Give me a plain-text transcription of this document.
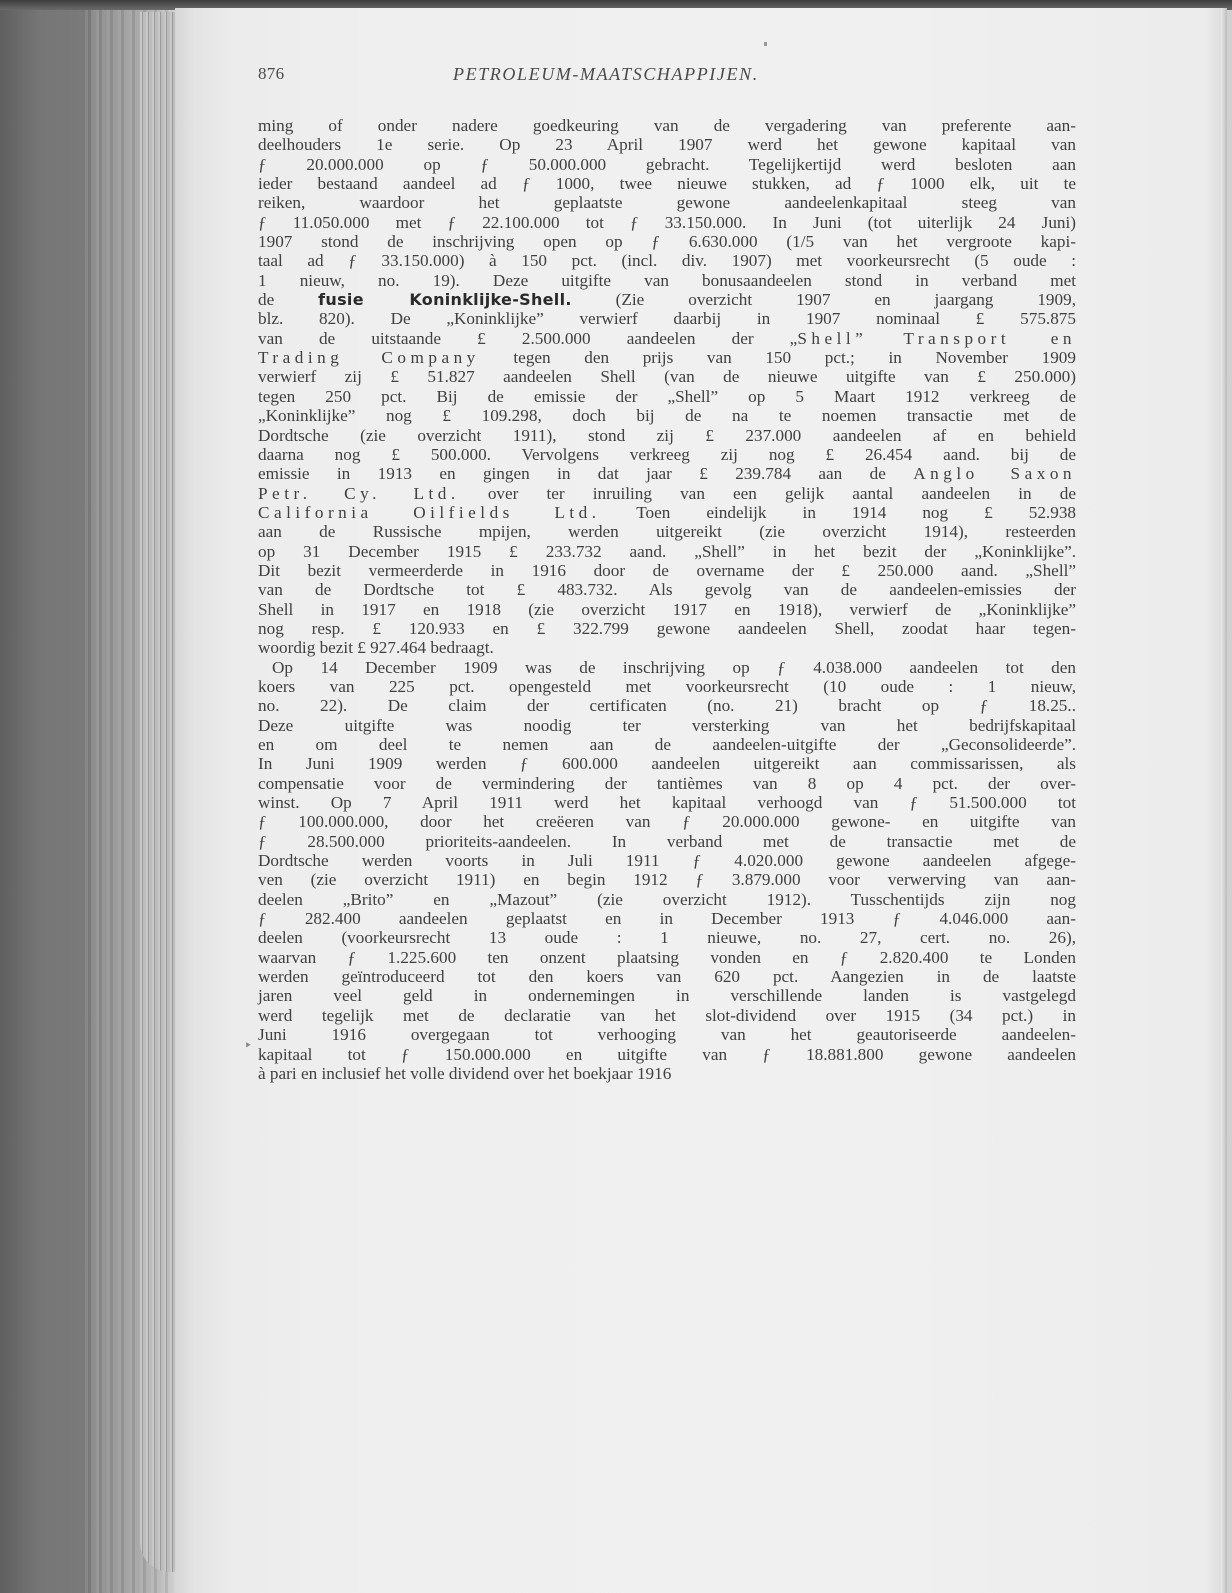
876	PETROLEUM-MAATSCHAPPIJEN.
‣
ming of onder nadere goedkeuring van de vergadering van preferente aan-
deelhouders 1e serie. Op 23 April 1907 werd het gewone kapitaal van
ƒ 20.000.000 op ƒ 50.000.000 gebracht. Tegelijkertijd werd besloten aan
ieder bestaand aandeel ad ƒ 1000, twee nieuwe stukken, ad ƒ 1000 elk, uit te
reiken, waardoor het geplaatste gewone aandeelenkapitaal steeg van
ƒ 11.050.000 met ƒ 22.100.000 tot ƒ 33.150.000. In Juni (tot uiterlijk 24 Juni)
1907 stond de inschrijving open op ƒ 6.630.000 (1/5 van het vergroote kapi-
taal ad ƒ 33.150.000) à 150 pct. (incl. div. 1907) met voorkeursrecht (5 oude :
1 nieuw, no. 19). Deze uitgifte van bonusaandeelen stond in verband met
de fusie Koninklijke-Shell. (Zie overzicht 1907 en jaargang 1909,
blz. 820). De „Koninklijke” verwierf daarbij in 1907 nominaal £ 575.875
van de uitstaande £ 2.500.000 aandeelen der „Shell” Transport en
Trading Company tegen den prijs van 150 pct.; in November 1909
verwierf zij £ 51.827 aandeelen Shell (van de nieuwe uitgifte van £ 250.000)
tegen 250 pct. Bij de emissie der „Shell” op 5 Maart 1912 verkreeg de
„Koninklijke” nog £ 109.298, doch bij de na te noemen transactie met de
Dordtsche (zie overzicht 1911), stond zij £ 237.000 aandeelen af en behield
daarna nog £ 500.000. Vervolgens verkreeg zij nog £ 26.454 aand. bij de
emissie in 1913 en gingen in dat jaar £ 239.784 aan de Anglo Saxon
Petr. Cy. Ltd. over ter inruiling van een gelijk aantal aandeelen in de
California Oilfields Ltd. Toen eindelijk in 1914 nog £ 52.938
aan de Russische mpijen, werden uitgereikt (zie overzicht 1914), resteerden
op 31 December 1915 £ 233.732 aand. „Shell” in het bezit der „Koninklijke”.
Dit bezit vermeerderde in 1916 door de overname der £ 250.000 aand. „Shell”
van de Dordtsche tot £ 483.732. Als gevolg van de aandeelen-emissies der
Shell in 1917 en 1918 (zie overzicht 1917 en 1918), verwierf de „Koninklijke”
nog resp. £ 120.933 en £ 322.799 gewone aandeelen Shell, zoodat haar tegen-
woordig bezit £ 927.464 bedraagt.
Op 14 December 1909 was de inschrijving op ƒ 4.038.000 aandeelen tot den
koers van 225 pct. opengesteld met voorkeursrecht (10 oude : 1 nieuw,
no. 22). De claim der certificaten (no. 21) bracht op ƒ 18.25..
Deze uitgifte was noodig ter versterking van het bedrijfskapitaal
en om deel te nemen aan de aandeelen-uitgifte der „Geconsolideerde”.
In Juni 1909 werden ƒ 600.000 aandeelen uitgereikt aan commissarissen, als
compensatie voor de vermindering der tantièmes van 8 op 4 pct. der over-
winst. Op 7 April 1911 werd het kapitaal verhoogd van ƒ 51.500.000 tot
ƒ 100.000.000, door het creëeren van ƒ 20.000.000 gewone- en uitgifte van
ƒ 28.500.000 prioriteits-aandeelen. In verband met de transactie met de
Dordtsche werden voorts in Juli 1911 ƒ 4.020.000 gewone aandeelen afgege-
ven (zie overzicht 1911) en begin 1912 ƒ 3.879.000 voor verwerving van aan-
deelen „Brito” en „Mazout” (zie overzicht 1912). Tusschentijds zijn nog
ƒ 282.400 aandeelen geplaatst en in December 1913 ƒ 4.046.000 aan-
deelen (voorkeursrecht 13 oude : 1 nieuwe, no. 27, cert. no. 26),
waarvan ƒ 1.225.600 ten onzent plaatsing vonden en ƒ 2.820.400 te Londen
werden geïntroduceerd tot den koers van 620 pct. Aangezien in de laatste
jaren veel geld in ondernemingen in verschillende landen is vastgelegd
werd tegelijk met de declaratie van het slot-dividend over 1915 (34 pct.) in
Juni 1916 overgegaan tot verhooging van het geautoriseerde aandeelen-
kapitaal tot ƒ 150.000.000 en uitgifte van ƒ 18.881.800 gewone aandeelen
à pari en inclusief het volle dividend over het boekjaar 1916
